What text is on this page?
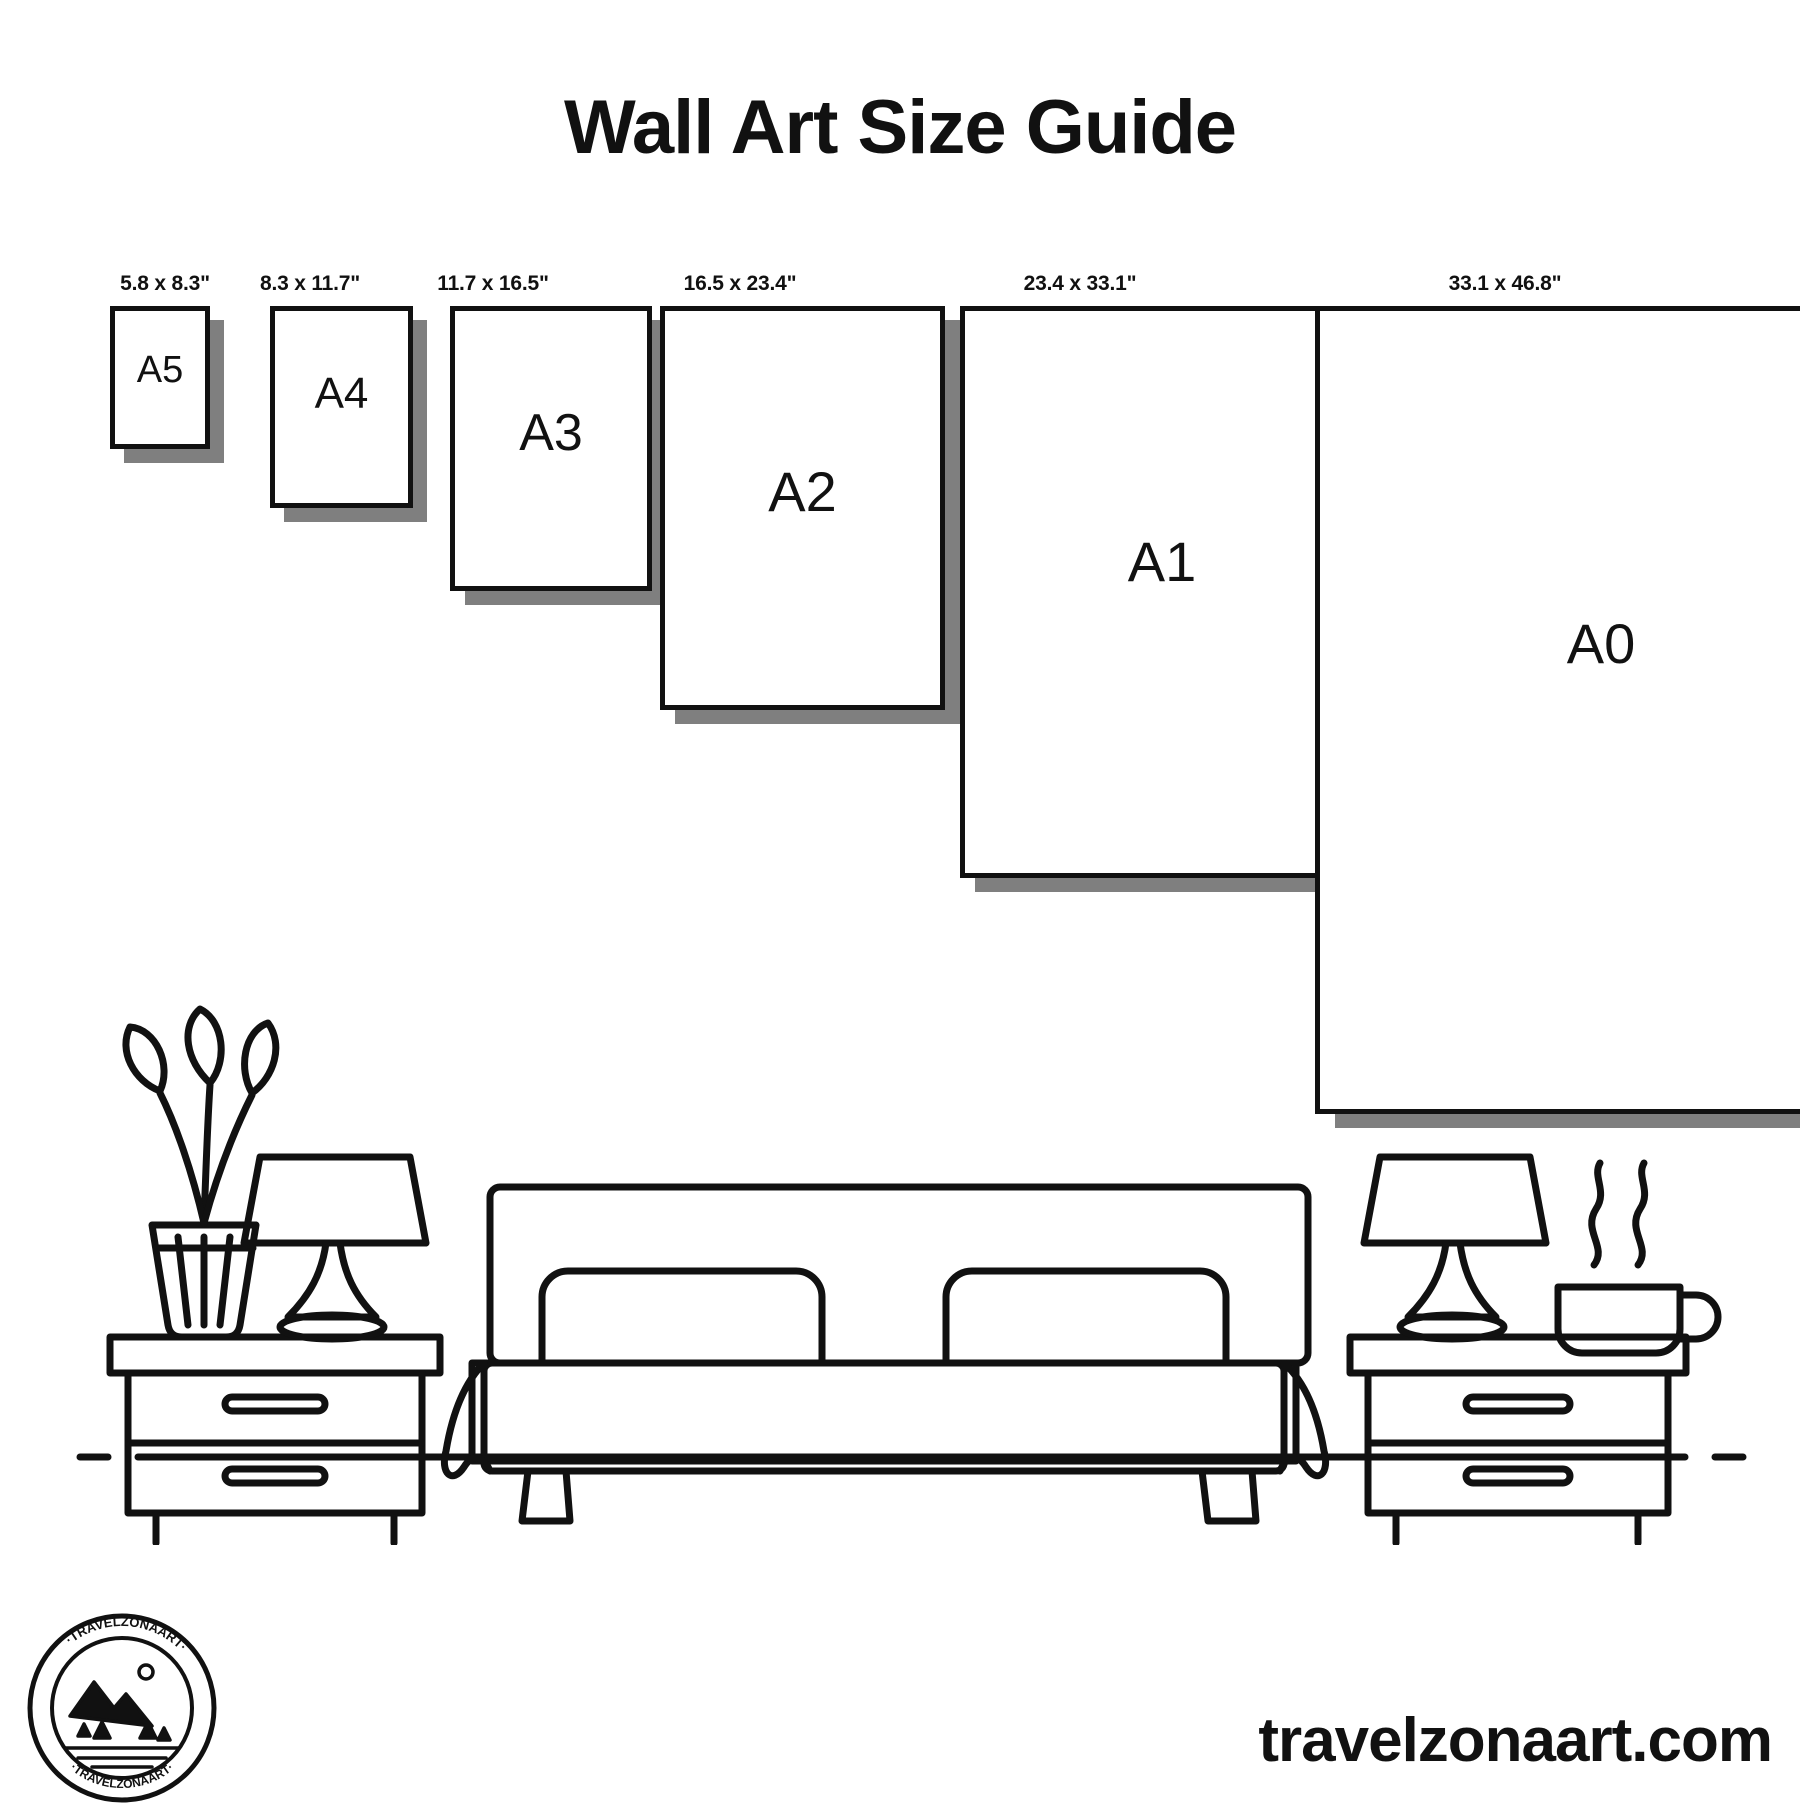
Wall Art Size Guide
5.8 x 8.3"
A5
8.3 x 11.7"
A4
11.7 x 16.5"
A3
16.5 x 23.4"
A2
23.4 x 33.1"
A1
33.1 x 46.8"
A0
·TRAVELZONAART·
·TRAVELZONAART·	travelzonaart.com
